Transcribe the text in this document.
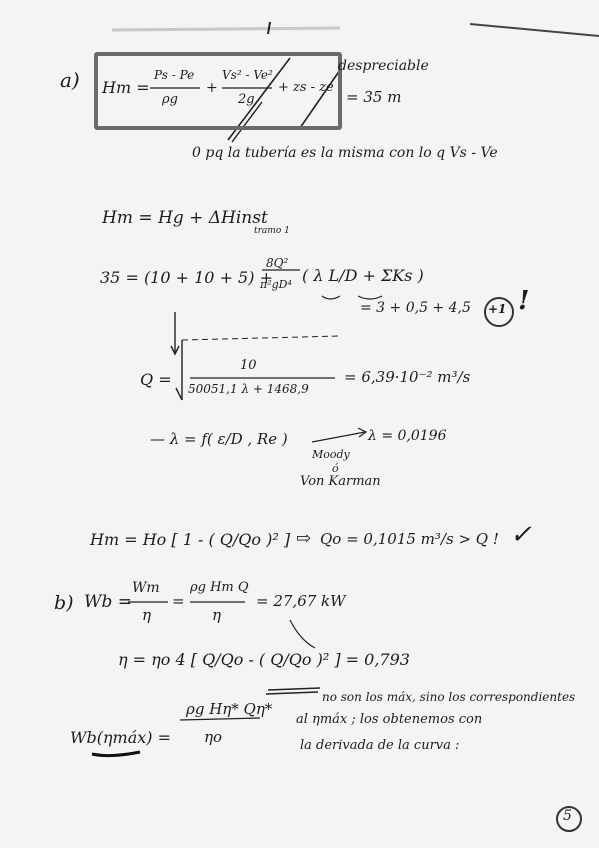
a) Hm =
Ps - Pe
ρg
+
Vs² - Ve²
2g
+ zs - ze
despreciable
= 35 m
0 pq la tubería es la misma con lo q Vs - Ve
Hm = Hg + ΔHinst
tramo 1
35 = (10 + 10 + 5) +
8Q²
π²gD⁴ ( λ L/D + ΣKs )
= 3 + 0,5 + 4,5 +1 !
Q =
10
50051,1 λ + 1468,9
= 6,39·10⁻² m³/s
— λ = f( ε/D , Re )	λ = 0,0196
Moody
ó
Von Karman
Hm = Ho [ 1 - ( Q/Qo )² ] ⇨ Qo = 0,1015 m³/s > Q ! ✓
b) Wb =
Wm
η
=
ρg Hm Q
η
= 27,67 kW
η = ηo 4 [ Q/Qo - ( Q/Qo )² ] = 0,793
Wb(ηmáx) =
ρg Hη* Qη*
ηo
no son los máx, sino los correspondientes
al ηmáx ; los obtenemos con
la derivada de la curva :
5
